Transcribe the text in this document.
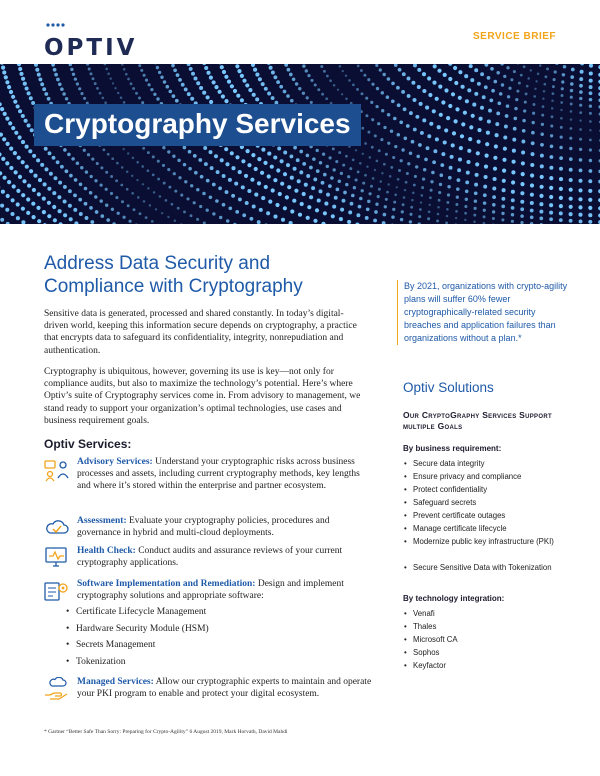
OPTIV	SERVICE BRIEF
Cryptography Services
Address Data Security and Compliance with Cryptography
Sensitive data is generated, processed and shared constantly. In today’s digital-driven world, keeping this information secure depends on cryptography, a practice that encrypts data to safeguard its confidentiality, integrity, nonrepudiation and authentication.
Cryptography is ubiquitous, however, governing its use is key—not only for compliance audits, but also to maximize the technology’s potential. Here’s where Optiv’s suite of Cryptography services come in. From advisory to management, we stand ready to support your organization’s optimal technologies, use cases and business requirement goals.
Optiv Services:
Advisory Services: Understand your cryptographic risks across business processes and assets, including current cryptography methods, key lengths and where it’s stored within the enterprise and partner ecosystem.
Assessment: Evaluate your cryptography policies, procedures and governance in hybrid and multi-cloud deployments.
Health Check: Conduct audits and assurance reviews of your current cryptography applications.
Software Implementation and Remediation: Design and implement cryptography solutions and appropriate software:
• Certificate Lifecycle Management
• Hardware Security Module (HSM)
• Secrets Management
• Tokenization
Managed Services: Allow our cryptographic experts to maintain and operate your PKI program to enable and protect your digital ecosystem.
* Gartner “Better Safe Than Sorry: Preparing for Crypto-Agility” 6 August 2019, Mark Horvath, David Mahdi
By 2021, organizations with crypto-agility plans will suffer 60% fewer cryptographically-related security breaches and application failures than organizations without a plan.*
Optiv Solutions
Our CryptoGraphy Services Support multiple Goals
By business requirement:
• Secure data integrity
• Ensure privacy and compliance
• Protect confidentiality
• Safeguard secrets
• Prevent certificate outages
• Manage certificate lifecycle
• Modernize public key infrastructure (PKI)
• Secure Sensitive Data with Tokenization
By technology integration:
• Venafi
• Thales
• Microsoft CA
• Sophos
• Keyfactor
